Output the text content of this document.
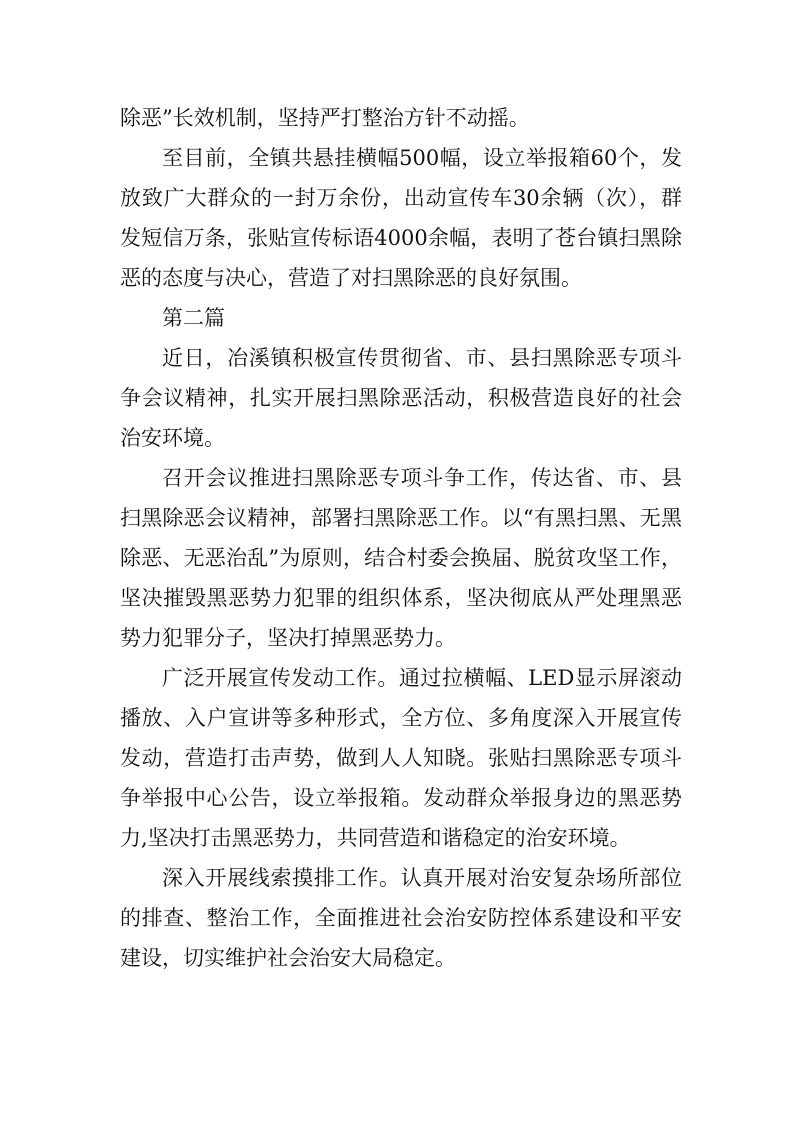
除恶”长效机制，坚持严打整治方针不动摇。

至目前，全镇共悬挂横幅500幅，设立举报箱60个，发放致广大群众的一封万余份，出动宣传车30余辆（次），群发短信万条，张贴宣传标语4000余幅，表明了苍台镇扫黑除恶的态度与决心，营造了对扫黑除恶的良好氛围。

第二篇

近日，冶溪镇积极宣传贯彻省、市、县扫黑除恶专项斗争会议精神，扎实开展扫黑除恶活动，积极营造良好的社会治安环境。

召开会议推进扫黑除恶专项斗争工作，传达省、市、县扫黑除恶会议精神，部署扫黑除恶工作。以“有黑扫黑、无黑除恶、无恶治乱”为原则，结合村委会换届、脱贫攻坚工作，坚决摧毁黑恶势力犯罪的组织体系，坚决彻底从严处理黑恶势力犯罪分子，坚决打掉黑恶势力。

广泛开展宣传发动工作。通过拉横幅、LED显示屏滚动播放、入户宣讲等多种形式，全方位、多角度深入开展宣传发动，营造打击声势，做到人人知晓。张贴扫黑除恶专项斗争举报中心公告，设立举报箱。发动群众举报身边的黑恶势力,坚决打击黑恶势力，共同营造和谐稳定的治安环境。

深入开展线索摸排工作。认真开展对治安复杂场所部位的排查、整治工作，全面推进社会治安防控体系建设和平安建设，切实维护社会治安大局稳定。
